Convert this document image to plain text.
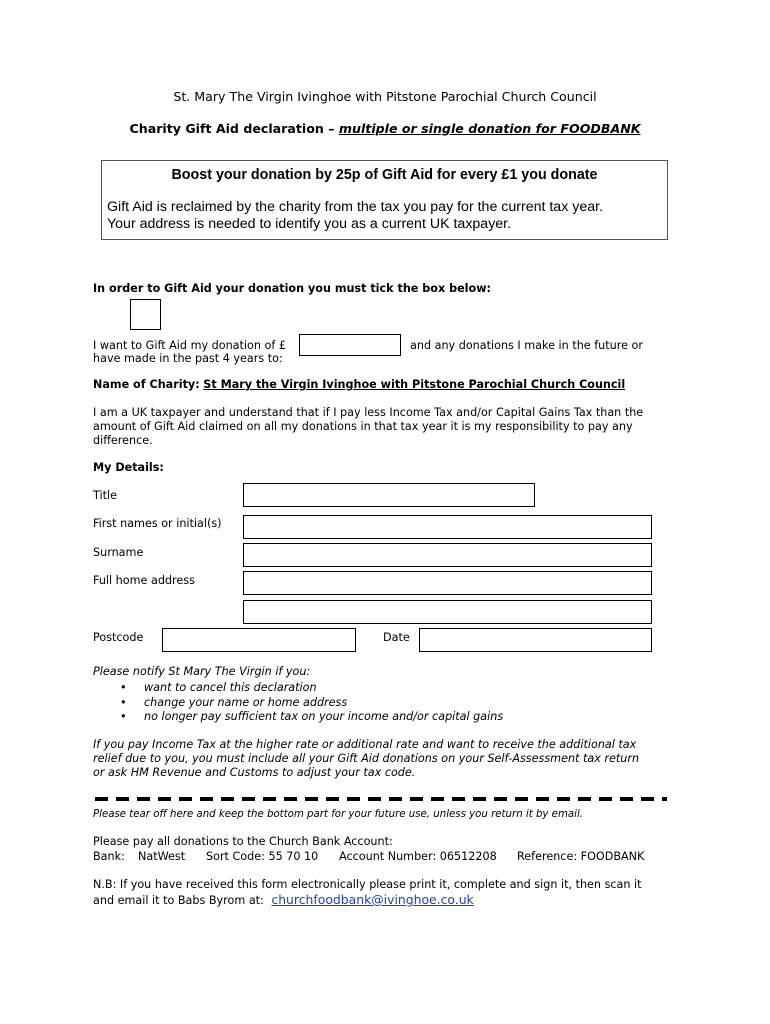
St. Mary The Virgin Ivinghoe with Pitstone Parochial Church Council
Charity Gift Aid declaration – multiple or single donation for FOODBANK
Boost your donation by 25p of Gift Aid for every £1 you donate
Gift Aid is reclaimed by the charity from the tax you pay for the current tax year.
Your address is needed to identify you as a current UK taxpayer.
In order to Gift Aid your donation you must tick the box below:
I want to Gift Aid my donation of £	and any donations I make in the future or
have made in the past 4 years to:
Name of Charity: St Mary the Virgin Ivinghoe with Pitstone Parochial Church Council
I am a UK taxpayer and understand that if I pay less Income Tax and/or Capital Gains Tax than the
amount of Gift Aid claimed on all my donations in that tax year it is my responsibility to pay any
difference.
My Details:
Title
First names or initial(s)
Surname
Full home address
Postcode	Date
Please notify St Mary The Virgin if you:
• want to cancel this declaration
• change your name or home address
• no longer pay sufficient tax on your income and/or capital gains
If you pay Income Tax at the higher rate or additional rate and want to receive the additional tax
relief due to you, you must include all your Gift Aid donations on your Self-Assessment tax return
or ask HM Revenue and Customs to adjust your tax code.
Please tear off here and keep the bottom part for your future use, unless you return it by email.
Please pay all donations to the Church Bank Account:
Bank: NatWest Sort Code: 55 70 10 Account Number: 06512208 Reference: FOODBANK
N.B: If you have received this form electronically please print it, complete and sign it, then scan it
and email it to Babs Byrom at: churchfoodbank@ivinghoe.co.uk
